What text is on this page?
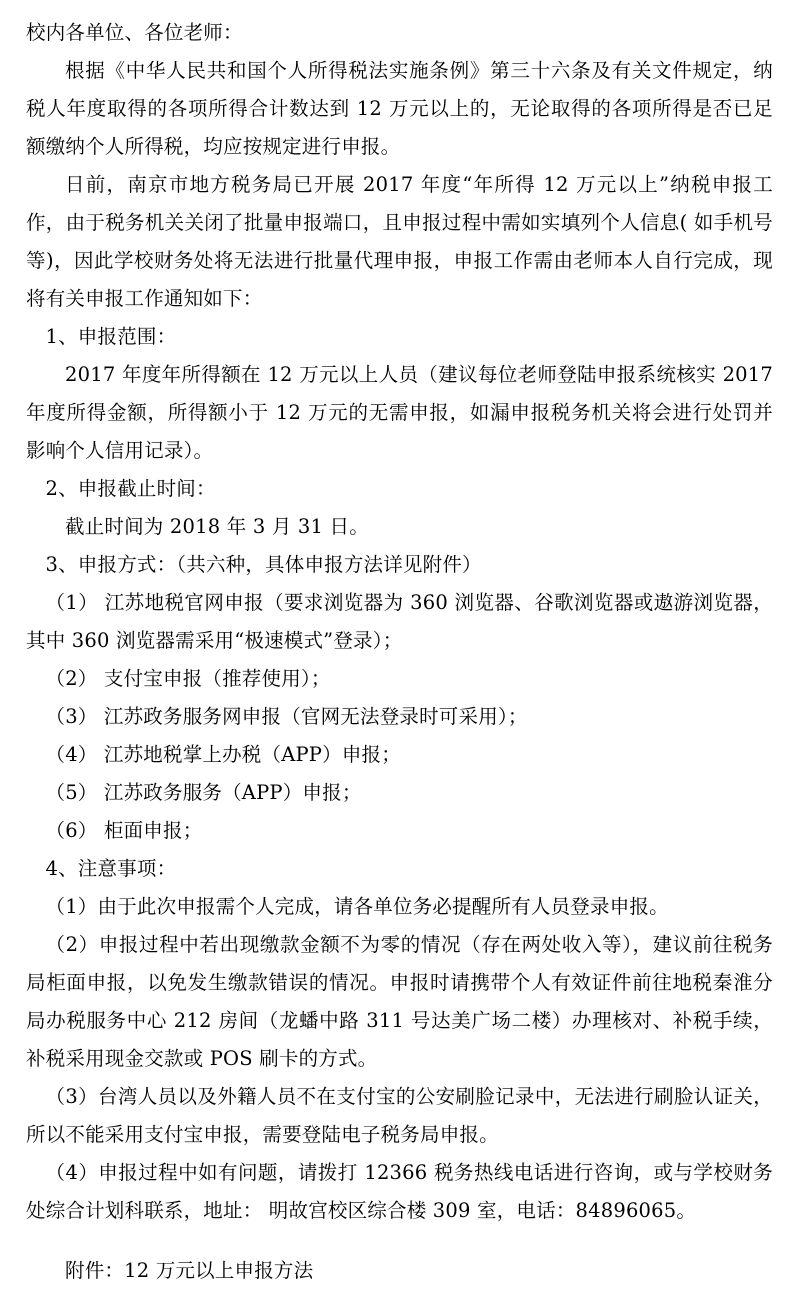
校内各单位、各位老师：

根据《中华人民共和国个人所得税法实施条例》第三十六条及有关文件规定，纳税人年度取得的各项所得合计数达到 12 万元以上的，无论取得的各项所得是否已足额缴纳个人所得税，均应按规定进行申报。

日前，南京市地方税务局已开展 2017 年度“年所得 12 万元以上”纳税申报工作，由于税务机关关闭了批量申报端口，且申报过程中需如实填列个人信息( 如手机号等)，因此学校财务处将无法进行批量代理申报，申报工作需由老师本人自行完成，现将有关申报工作通知如下：

1、申报范围：

2017 年度年所得额在 12 万元以上人员（建议每位老师登陆申报系统核实 2017 年度所得金额，所得额小于 12 万元的无需申报，如漏申报税务机关将会进行处罚并影响个人信用记录）。

2、申报截止时间：

截止时间为 2018 年 3 月 31 日。

3、申报方式：（共六种，具体申报方法详见附件）

（1） 江苏地税官网申报（要求浏览器为 360 浏览器、谷歌浏览器或遨游浏览器，其中 360 浏览器需采用“极速模式”登录）；

（2） 支付宝申报（推荐使用）；

（3） 江苏政务服务网申报（官网无法登录时可采用）；

（4） 江苏地税掌上办税（APP）申报；

（5） 江苏政务服务（APP）申报；

（6） 柜面申报；

4、注意事项：

（1）由于此次申报需个人完成，请各单位务必提醒所有人员登录申报。

（2）申报过程中若出现缴款金额不为零的情况（存在两处收入等），建议前往税务局柜面申报，以免发生缴款错误的情况。申报时请携带个人有效证件前往地税秦淮分局办税服务中心 212 房间（龙蟠中路 311 号达美广场二楼）办理核对、补税手续，补税采用现金交款或 POS 刷卡的方式。

（3）台湾人员以及外籍人员不在支付宝的公安刷脸记录中，无法进行刷脸认证关，所以不能采用支付宝申报，需要登陆电子税务局申报。

（4）申报过程中如有问题，请拨打 12366 税务热线电话进行咨询，或与学校财务处综合计划科联系，地址： 明故宫校区综合楼 309 室，电话：84896065。

附件：12 万元以上申报方法
